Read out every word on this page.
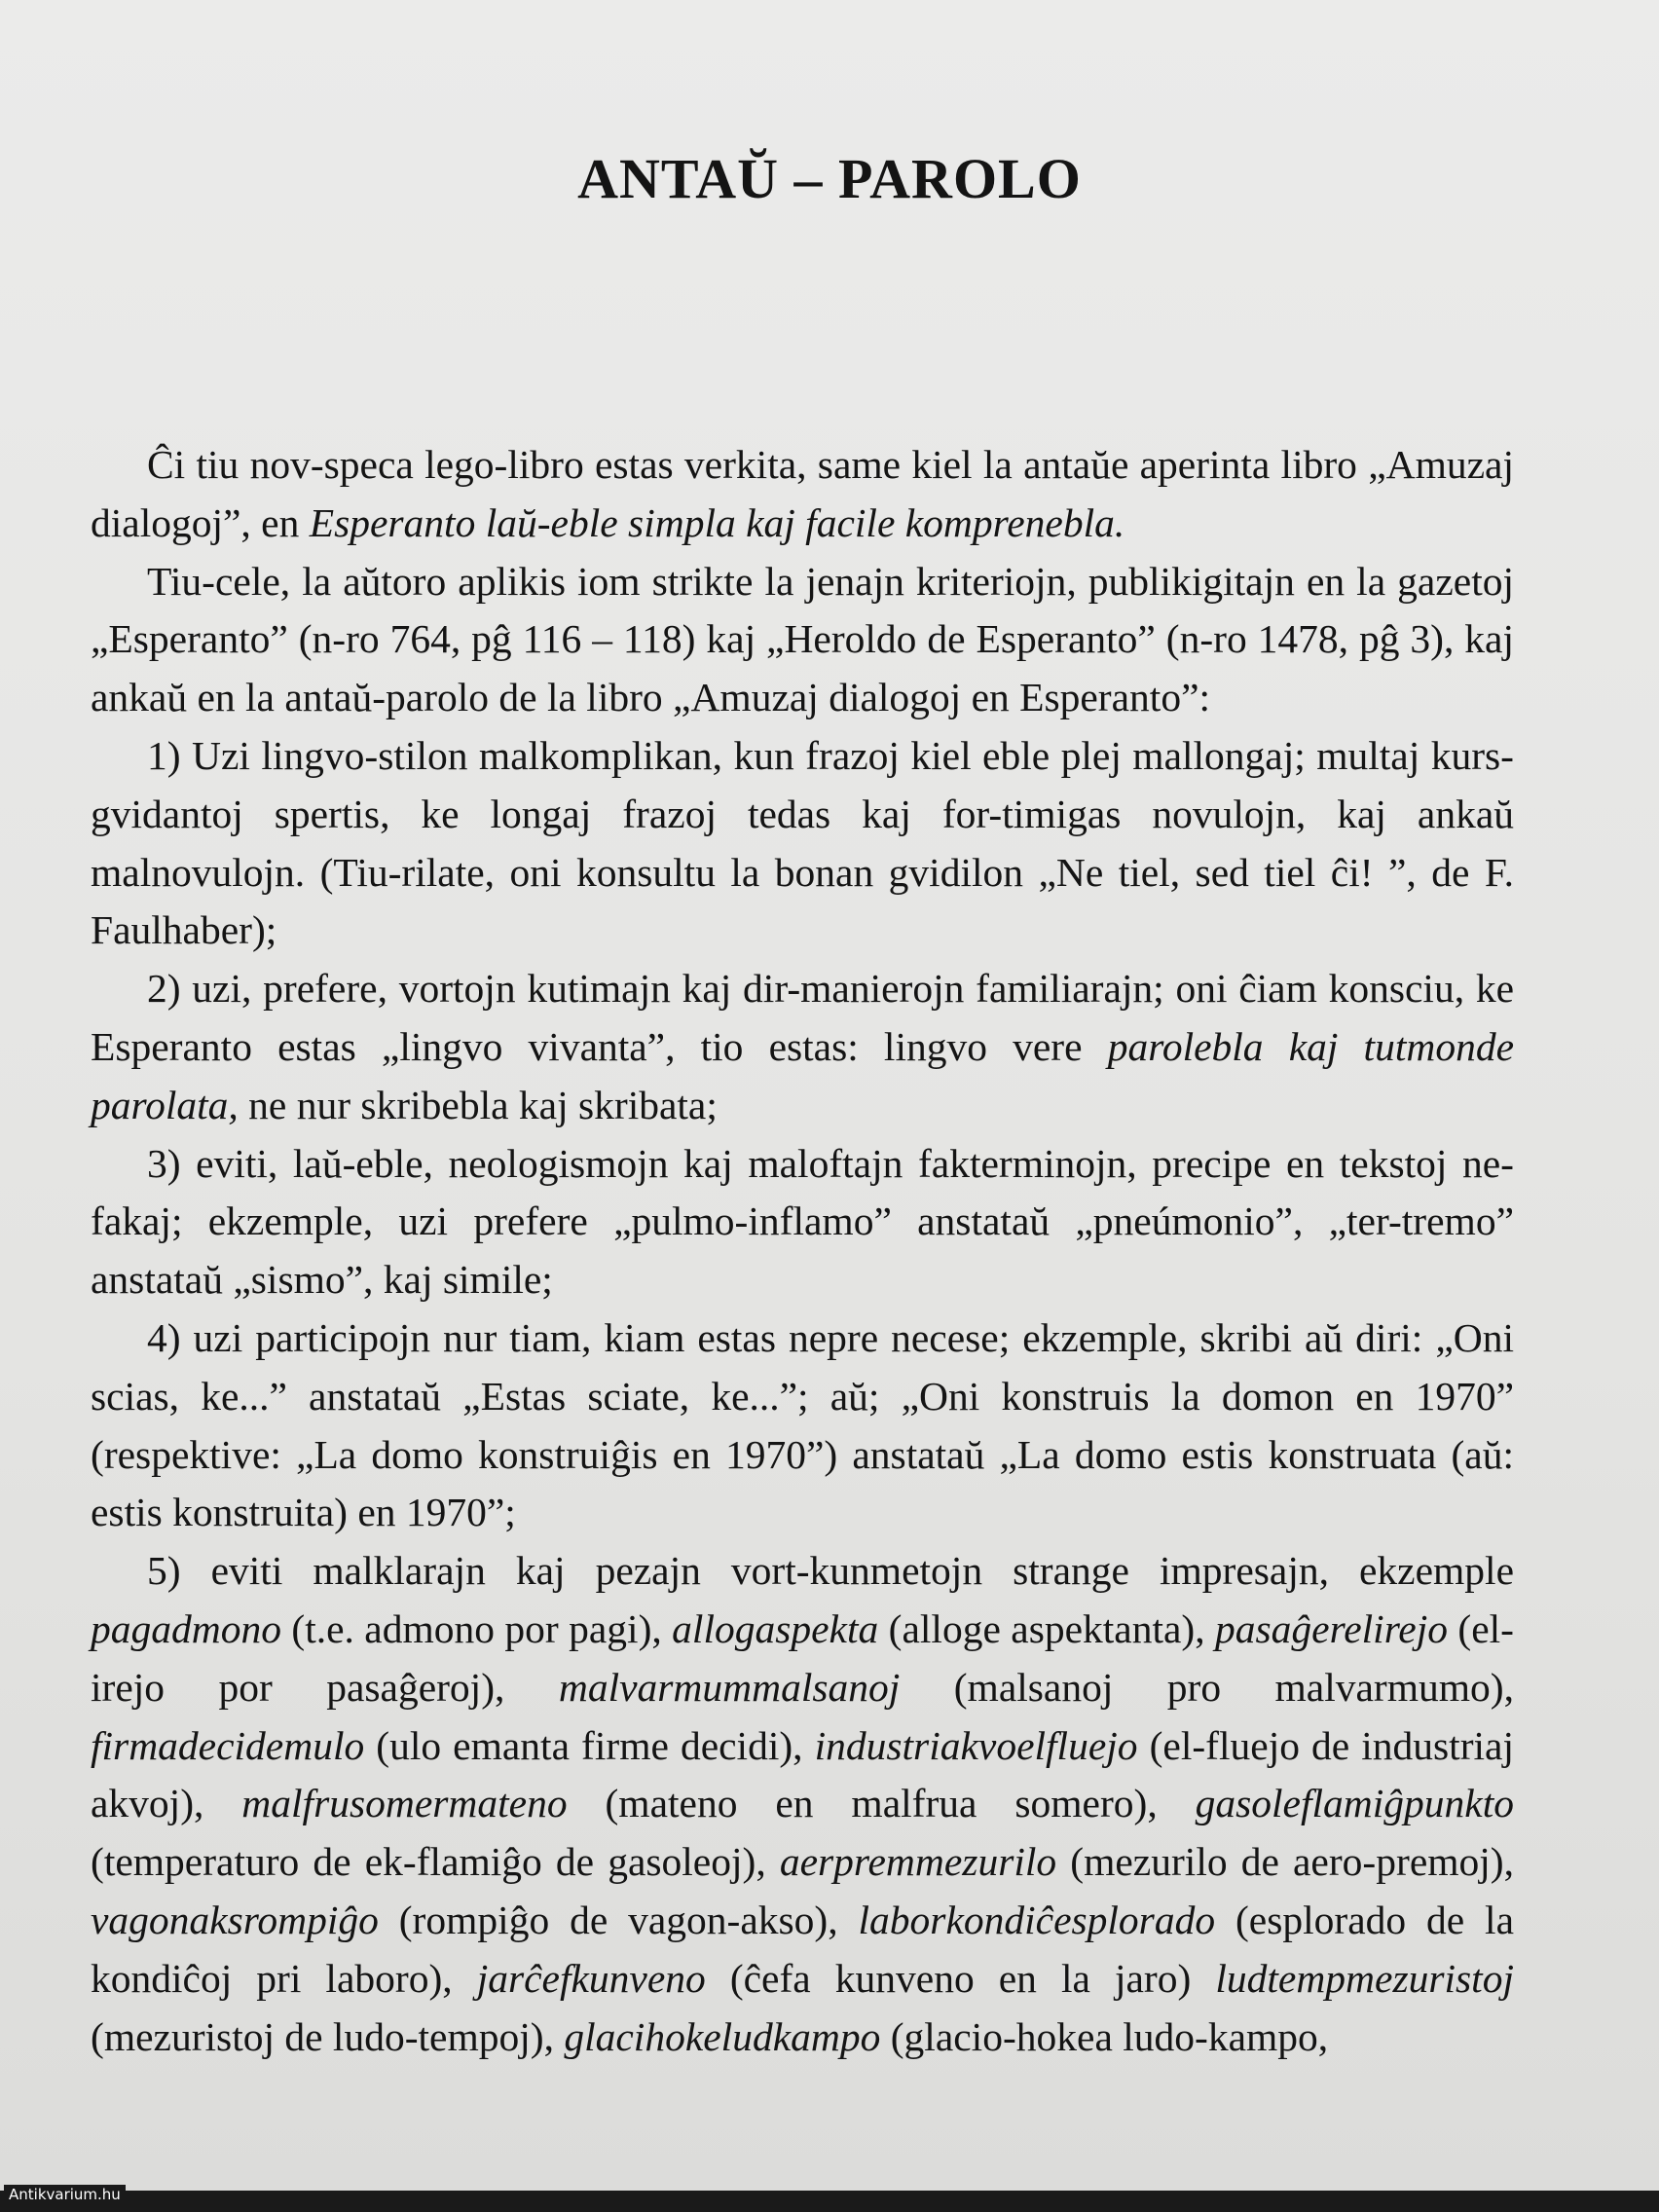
ANTAŬ – PAROLO

Ĉi tiu nov-speca lego-libro estas verkita, same kiel la antaŭe aperinta libro „Amuzaj dialogoj”, en Esperanto laŭ-eble simpla kaj facile komprenebla.

Tiu-cele, la aŭtoro aplikis iom strikte la jenajn kriteriojn, publikigitajn en la gazetoj „Esperanto” (n-ro 764, pĝ 116 – 118) kaj „Heroldo de Esperanto” (n-ro 1478, pĝ 3), kaj ankaŭ en la antaŭ-parolo de la libro „Amuzaj dialogoj en Esperanto”:

1) Uzi lingvo-stilon malkomplikan, kun frazoj kiel eble plej mallongaj; multaj kurs-gvidantoj spertis, ke longaj frazoj tedas kaj for-timigas novulojn, kaj ankaŭ malnovulojn. (Tiu-rilate, oni konsultu la bonan gvidilon „Ne tiel, sed tiel ĉi! ”, de F. Faulhaber);

2) uzi, prefere, vortojn kutimajn kaj dir-manierojn familiarajn; oni ĉiam konsciu, ke Esperanto estas „lingvo vivanta”, tio estas: lingvo vere parolebla kaj tutmonde parolata, ne nur skribebla kaj skribata;

3) eviti, laŭ-eble, neologismojn kaj maloftajn fakterminojn, precipe en tekstoj ne-fakaj; ekzemple, uzi prefere „pulmo-inflamo” anstataŭ „pneúmonio”, „ter-tremo” anstataŭ „sismo”, kaj simile;

4) uzi participojn nur tiam, kiam estas nepre necese; ekzemple, skribi aŭ diri: „Oni scias, ke...” anstataŭ „Estas sciate, ke...”; aŭ; „Oni konstruis la domon en 1970” (respektive: „La domo konstruiĝis en 1970”) anstataŭ „La domo estis konstruata (aŭ: estis konstruita) en 1970”;

5) eviti malklarajn kaj pezajn vort-kunmetojn strange impresajn, ekzemple pagadmono (t.e. admono por pagi), allogaspekta (alloge aspektanta), pasaĝerelirejo (el-irejo por pasaĝeroj), malvarmummalsanoj (malsanoj pro malvarmumo), firmadecidemulo (ulo emanta firme decidi), industriakvoelfluejo (el-fluejo de industriaj akvoj), malfrusomermateno (mateno en malfrua somero), gasoleflamiĝpunkto (temperaturo de ek-flamiĝo de gasoleoj), aerpremmezurilo (mezurilo de aero-premoj), vagonaksrompiĝo (rompiĝo de vagon-akso), laborkondiĉesplorado (esplorado de la kondiĉoj pri laboro), jarĉefkunveno (ĉefa kunveno en la jaro) ludtempmezuristoj (mezuristoj de ludo-tempoj), glacihokeludkampo (glacio-hokea ludo-kampo,

Antikvarium.hu
